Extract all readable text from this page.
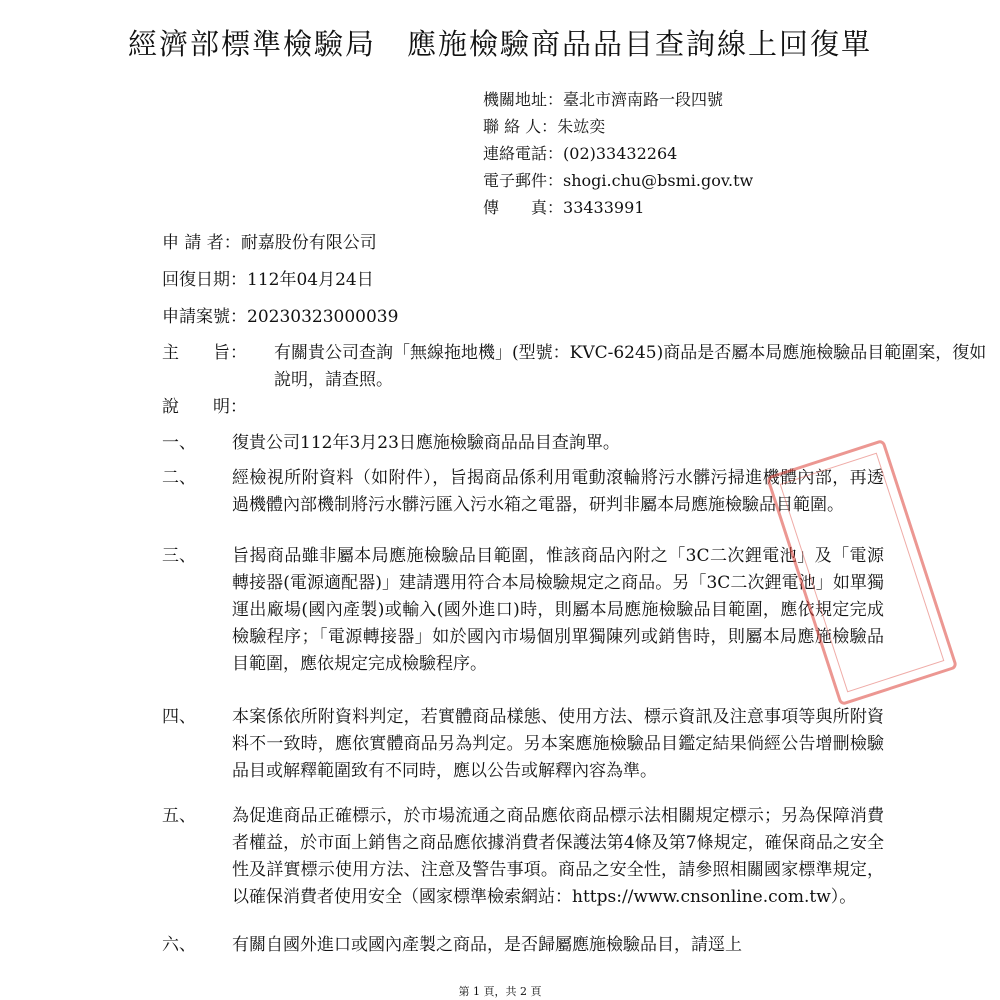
經濟部標準檢驗局　應施檢驗商品品目查詢線上回復單
機關地址：臺北市濟南路一段四號
聯 絡 人：朱竑奕
連絡電話：(02)33432264
電子郵件：shogi.chu@bsmi.gov.tw
傳　　真：33433991
申 請 者：耐嘉股份有限公司
回復日期：112年04月24日
申請案號：20230323000039
主　　旨： 有關貴公司查詢「無線拖地機」(型號：KVC-6245)商品是否屬本局應施檢驗品目範圍案，復如說明，請查照。
說　　明：
一、 復貴公司112年3月23日應施檢驗商品品目查詢單。
二、 經檢視所附資料（如附件），旨揭商品係利用電動滾輪將污水髒污掃進機體內部，再透過機體內部機制將污水髒污匯入污水箱之電器，研判非屬本局應施檢驗品目範圍。
三、 旨揭商品雖非屬本局應施檢驗品目範圍，惟該商品內附之「3C二次鋰電池」及「電源轉接器(電源適配器)」建請選用符合本局檢驗規定之商品。另「3C二次鋰電池」如單獨運出廠場(國內產製)或輸入(國外進口)時，則屬本局應施檢驗品目範圍，應依規定完成檢驗程序；「電源轉接器」如於國內市場個別單獨陳列或銷售時，則屬本局應施檢驗品目範圍，應依規定完成檢驗程序。
四、 本案係依所附資料判定，若實體商品樣態、使用方法、標示資訊及注意事項等與所附資料不一致時，應依實體商品另為判定。另本案應施檢驗品目鑑定結果倘經公告增刪檢驗品目或解釋範圍致有不同時，應以公告或解釋內容為準。
五、 為促進商品正確標示，於市場流通之商品應依商品標示法相關規定標示；另為保障消費者權益，於市面上銷售之商品應依據消費者保護法第4條及第7條規定，確保商品之安全性及詳實標示使用方法、注意及警告事項。商品之安全性，請參照相關國家標準規定，以確保消費者使用安全（國家標準檢索網站：https://www.cnsonline.com.tw）。
六、 有關自國外進口或國內產製之商品，是否歸屬應施檢驗品目，請逕上
第 1 頁，共 2 頁
